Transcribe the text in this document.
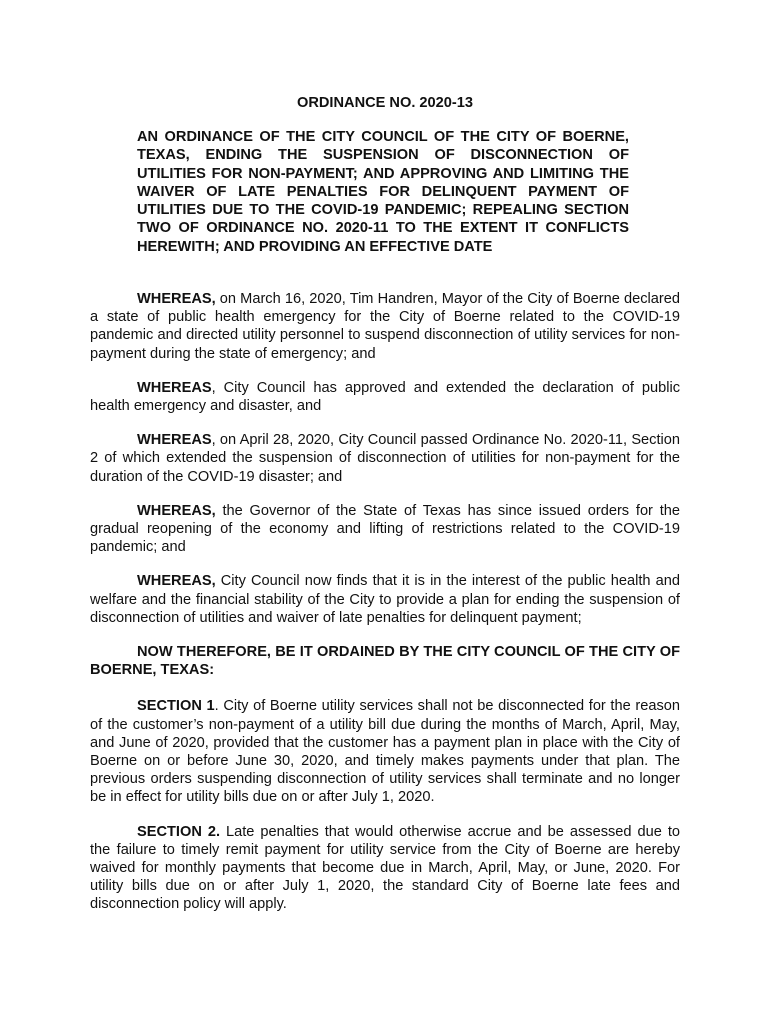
ORDINANCE NO. 2020-13
AN ORDINANCE OF THE CITY COUNCIL OF THE CITY OF BOERNE, TEXAS, ENDING THE SUSPENSION OF DISCONNECTION OF UTILITIES FOR NON-PAYMENT; AND APPROVING AND LIMITING THE WAIVER OF LATE PENALTIES FOR DELINQUENT PAYMENT OF UTILITIES DUE TO THE COVID-19 PANDEMIC; REPEALING SECTION TWO OF ORDINANCE NO. 2020-11 TO THE EXTENT IT CONFLICTS HEREWITH; AND PROVIDING AN EFFECTIVE DATE

WHEREAS, on March 16, 2020, Tim Handren, Mayor of the City of Boerne declared a state of public health emergency for the City of Boerne related to the COVID-19 pandemic and directed utility personnel to suspend disconnection of utility services for non-payment during the state of emergency; and

WHEREAS, City Council has approved and extended the declaration of public health emergency and disaster, and

WHEREAS, on April 28, 2020, City Council passed Ordinance No. 2020-11, Section 2 of which extended the suspension of disconnection of utilities for non-payment for the duration of the COVID-19 disaster; and

WHEREAS, the Governor of the State of Texas has since issued orders for the gradual reopening of the economy and lifting of restrictions related to the COVID-19 pandemic; and

WHEREAS, City Council now finds that it is in the interest of the public health and welfare and the financial stability of the City to provide a plan for ending the suspension of disconnection of utilities and waiver of late penalties for delinquent payment;

NOW THEREFORE, BE IT ORDAINED BY THE CITY COUNCIL OF THE CITY OF BOERNE, TEXAS:

SECTION 1. City of Boerne utility services shall not be disconnected for the reason of the customer’s non-payment of a utility bill due during the months of March, April, May, and June of 2020, provided that the customer has a payment plan in place with the City of Boerne on or before June 30, 2020, and timely makes payments under that plan. The previous orders suspending disconnection of utility services shall terminate and no longer be in effect for utility bills due on or after July 1, 2020.

SECTION 2. Late penalties that would otherwise accrue and be assessed due to the failure to timely remit payment for utility service from the City of Boerne are hereby waived for monthly payments that become due in March, April, May, or June, 2020. For utility bills due on or after July 1, 2020, the standard City of Boerne late fees and disconnection policy will apply.
